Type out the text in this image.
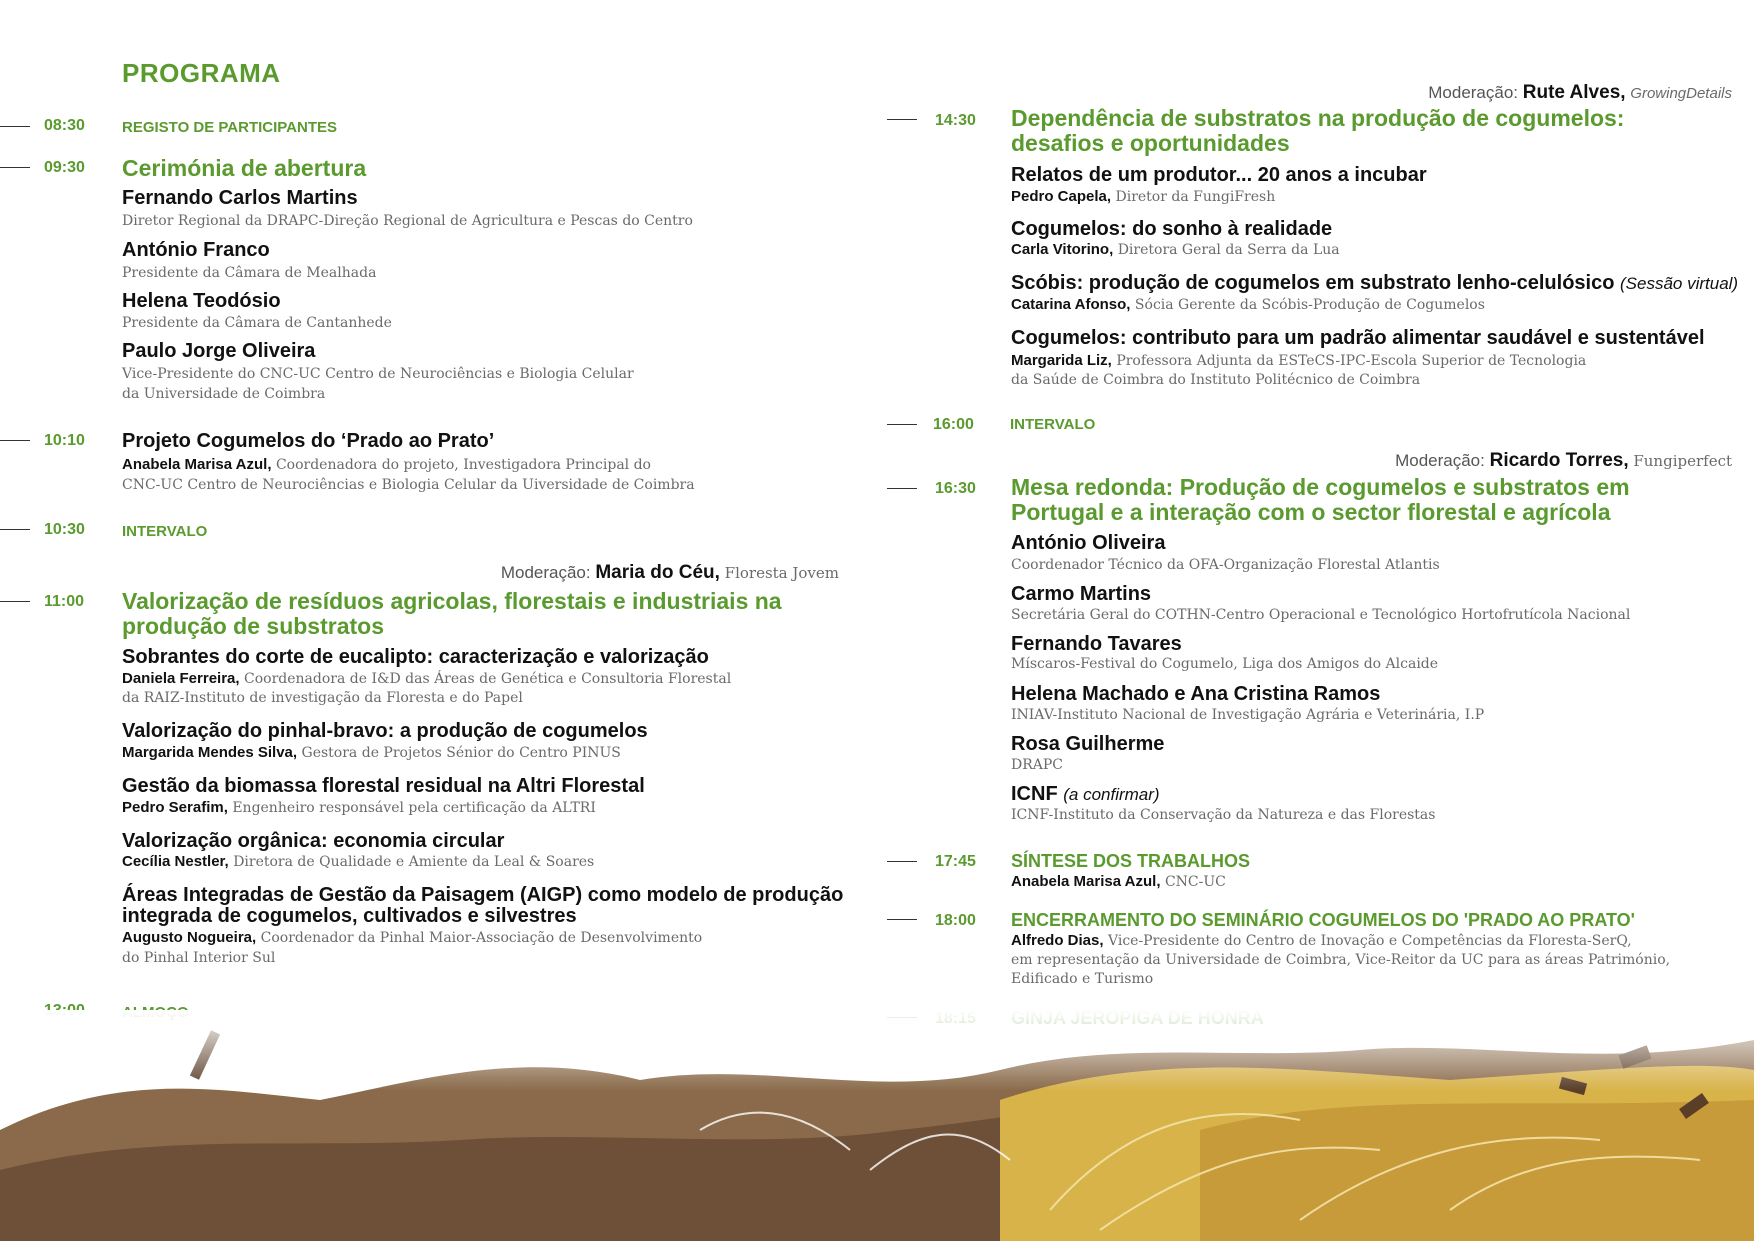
PROGRAMA
08:30 REGISTO DE PARTICIPANTES
09:30 Cerimónia de abertura
Fernando Carlos Martins
Diretor Regional da DRAPC-Direção Regional de Agricultura e Pescas do Centro
António Franco
Presidente da Câmara de Mealhada
Helena Teodósio
Presidente da Câmara de Cantanhede
Paulo Jorge Oliveira
Vice-Presidente do CNC-UC Centro de Neurociências e Biologia Celular
da Universidade de Coimbra
10:10 Projeto Cogumelos do ‘Prado ao Prato’
Anabela Marisa Azul, Coordenadora do projeto, Investigadora Principal do
CNC-UC Centro de Neurociências e Biologia Celular da Uiversidade de Coimbra
10:30 INTERVALO
Moderação: Maria do Céu, Floresta Jovem
11:00 Valorização de resíduos agricolas, florestais e industriais na
produção de substratos
Sobrantes do corte de eucalipto: caracterização e valorização
Daniela Ferreira, Coordenadora de I&D das Áreas de Genética e Consultoria Florestal
da RAIZ-Instituto de investigação da Floresta e do Papel
Valorização do pinhal-bravo: a produção de cogumelos
Margarida Mendes Silva, Gestora de Projetos Sénior do Centro PINUS
Gestão da biomassa florestal residual na Altri Florestal
Pedro Serafim, Engenheiro responsável pela certificação da ALTRI
Valorização orgânica: economia circular
Cecília Nestler, Diretora de Qualidade e Amiente da Leal & Soares
Áreas Integradas de Gestão da Paisagem (AIGP) como modelo de produção
integrada de cogumelos, cultivados e silvestres
Augusto Nogueira, Coordenador da Pinhal Maior-Associação de Desenvolvimento
do Pinhal Interior Sul
Moderação: Rute Alves, GrowingDetails
14:30 Dependência de substratos na produção de cogumelos:
desafios e oportunidades
Relatos de um produtor... 20 anos a incubar
Pedro Capela, Diretor da FungiFresh
Cogumelos: do sonho à realidade
Carla Vitorino, Diretora Geral da Serra da Lua
Scóbis: produção de cogumelos em substrato lenho-celulósico (Sessão virtual)
Catarina Afonso, Sócia Gerente da Scóbis-Produção de Cogumelos
Cogumelos: contributo para um padrão alimentar saudável e sustentável
Margarida Liz, Professora Adjunta da ESTeCS-IPC-Escola Superior de Tecnologia
da Saúde de Coimbra do Instituto Politécnico de Coimbra
16:00 INTERVALO
Moderação: Ricardo Torres, Fungiperfect
16:30 Mesa redonda: Produção de cogumelos e substratos em
Portugal e a interação com o sector florestal e agrícola
António Oliveira
Coordenador Técnico da OFA-Organização Florestal Atlantis
Carmo Martins
Secretária Geral do COTHN-Centro Operacional e Tecnológico Hortofrutícola Nacional
Fernando Tavares
Míscaros-Festival do Cogumelo, Liga dos Amigos do Alcaide
Helena Machado e Ana Cristina Ramos
INIAV-Instituto Nacional de Investigação Agrária e Veterinária, I.P
Rosa Guilherme
DRAPC
ICNF (a confirmar)
ICNF-Instituto da Conservação da Natureza e das Florestas
17:45 SÍNTESE DOS TRABALHOS
Anabela Marisa Azul, CNC-UC
18:00 ENCERRAMENTO DO SEMINÁRIO COGUMELOS DO 'PRADO AO PRATO'
Alfredo Dias, Vice-Presidente do Centro de Inovação e Competências da Floresta-SerQ,
em representação da Universidade de Coimbra, Vice-Reitor da UC para as áreas Património,
Edificado e Turismo
